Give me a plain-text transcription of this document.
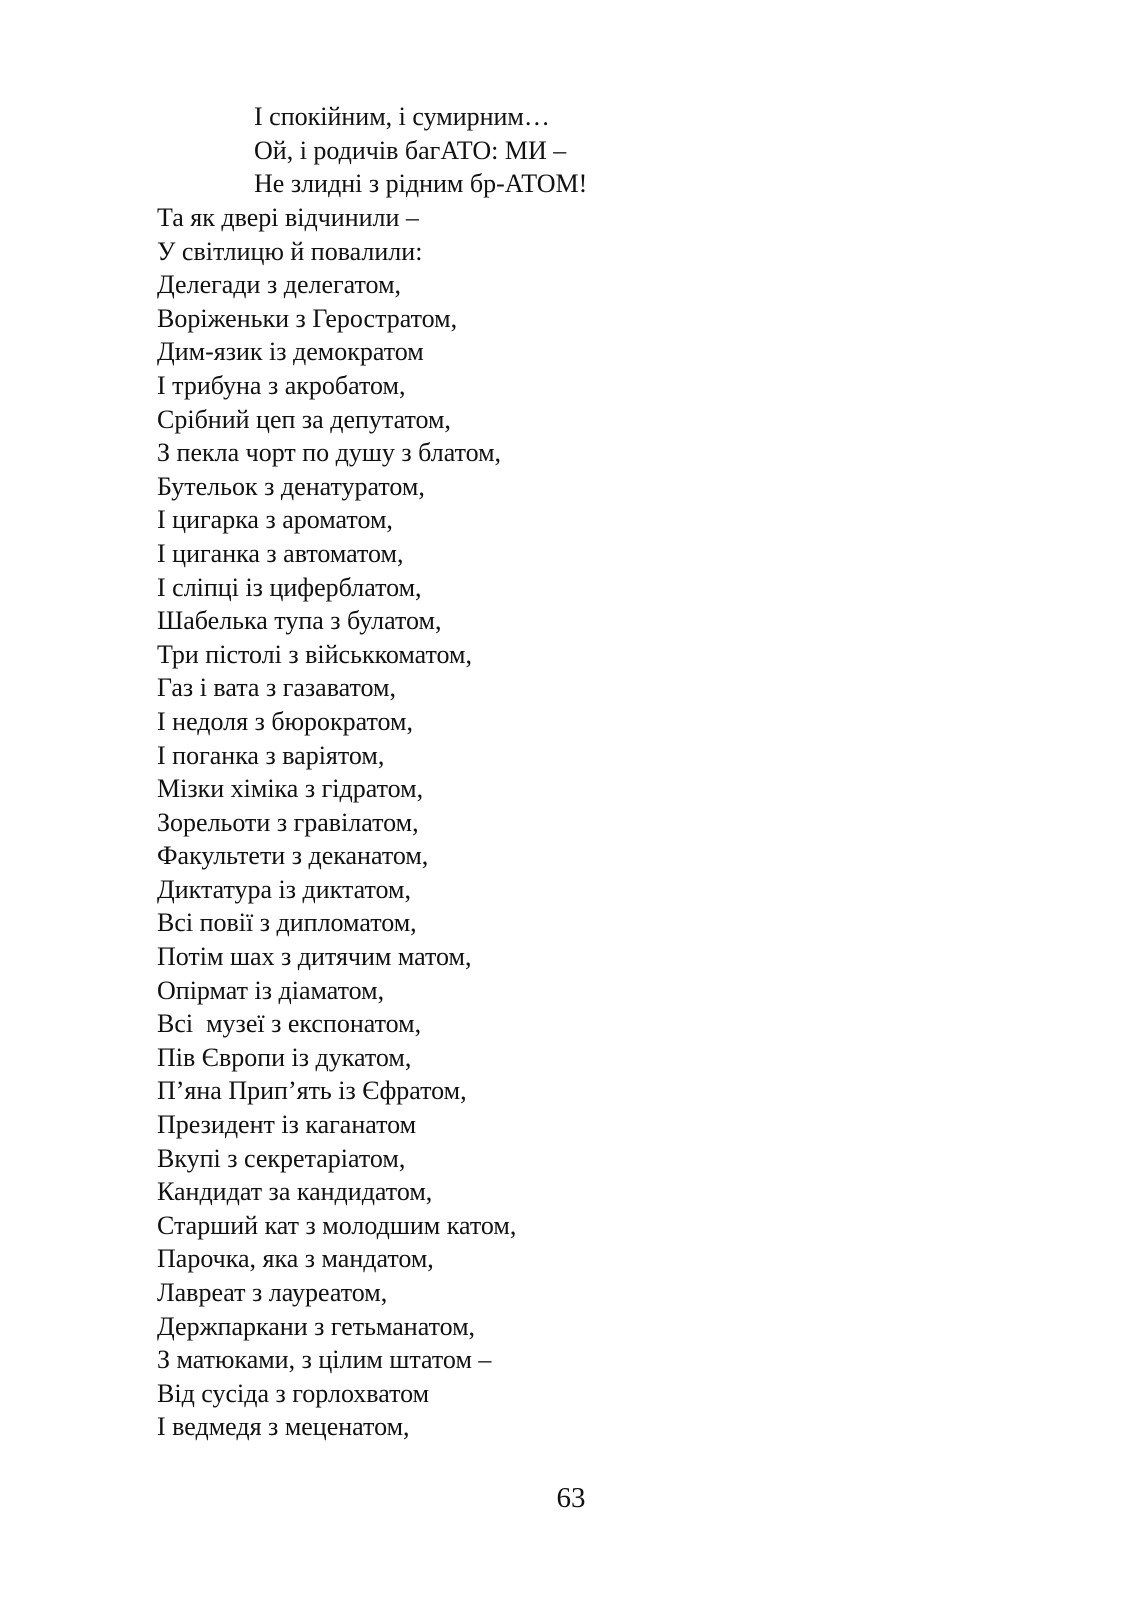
І спокійним, і сумирним…
Ой, і родичів багАТО: МИ –
Не злидні з рідним бр-АТОМ!
Та як двері відчинили –
У світлицю й повалили:
Делегади з делегатом,
Воріженьки з Геростратом,
Дим-язик із демократом
І трибуна з акробатом,
Срібний цеп за депутатом,
З пекла чорт по душу з блатом,
Бутельок з денатуратом,
І цигарка з ароматом,
І циганка з автоматом,
І сліпці із циферблатом,
Шабелька тупа з булатом,
Три пістолі з військкоматом,
Газ і вата з газаватом,
І недоля з бюрократом,
І поганка з варіятом,
Мізки хіміка з гідратом,
Зорельоти з гравілатом,
Факультети з деканатом,
Диктатура із диктатом,
Всі повії з дипломатом,
Потім шах з дитячим матом,
Опірмат із діаматом,
Всі  музеї з експонатом,
Пів Європи із дукатом,
П’яна Прип’ять із Єфратом,
Президент із каганатом
Вкупі з секретаріатом,
Кандидат за кандидатом,
Старший кат з молодшим катом,
Парочка, яка з мандатом,
Лавреат з лауреатом,
Держпаркани з гетьманатом,
З матюками, з цілим штатом –
Від сусіда з горлохватом
І ведмедя з меценатом,
63
